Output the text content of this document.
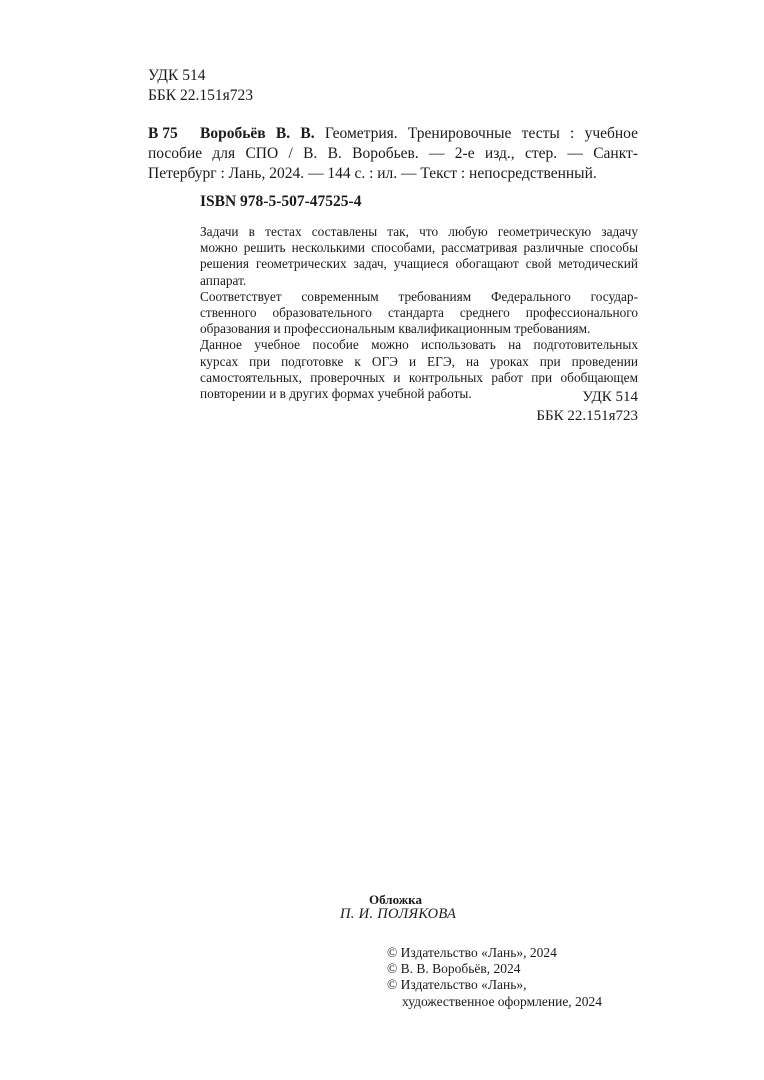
УДК 514
ББК 22.151я723
В 75 Воробьёв В. В. Геометрия. Тренировочные тесты : учебное
пособие для СПО / В. В. Воробьев. — 2-е изд., стер. — Санкт-
Петербург : Лань, 2024. — 144 с. : ил. — Текст : непосредственный.
ISBN 978-5-507-47525-4

Задачи в тестах составлены так, что любую геометрическую задачу
можно решить несколькими способами, рассматривая различные способы
решения геометрических задач, учащиеся обогащают свой методический
аппарат.

Соответствует современным требованиям Федерального государ-
ственного образовательного стандарта среднего профессионального
образования и профессиональным квалификационным требованиям.

Данное учебное пособие можно использовать на подготовительных
курсах при подготовке к ОГЭ и ЕГЭ, на уроках при проведении
самостоятельных, проверочных и контрольных работ при обобщающем
повторении и в других формах учебной работы.	УДК 514
ББК 22.151я723
Обложка
П. И. ПОЛЯКОВА
© Издательство «Лань», 2024
© В. В. Воробьёв, 2024
© Издательство «Лань»,
художественное оформление, 2024
